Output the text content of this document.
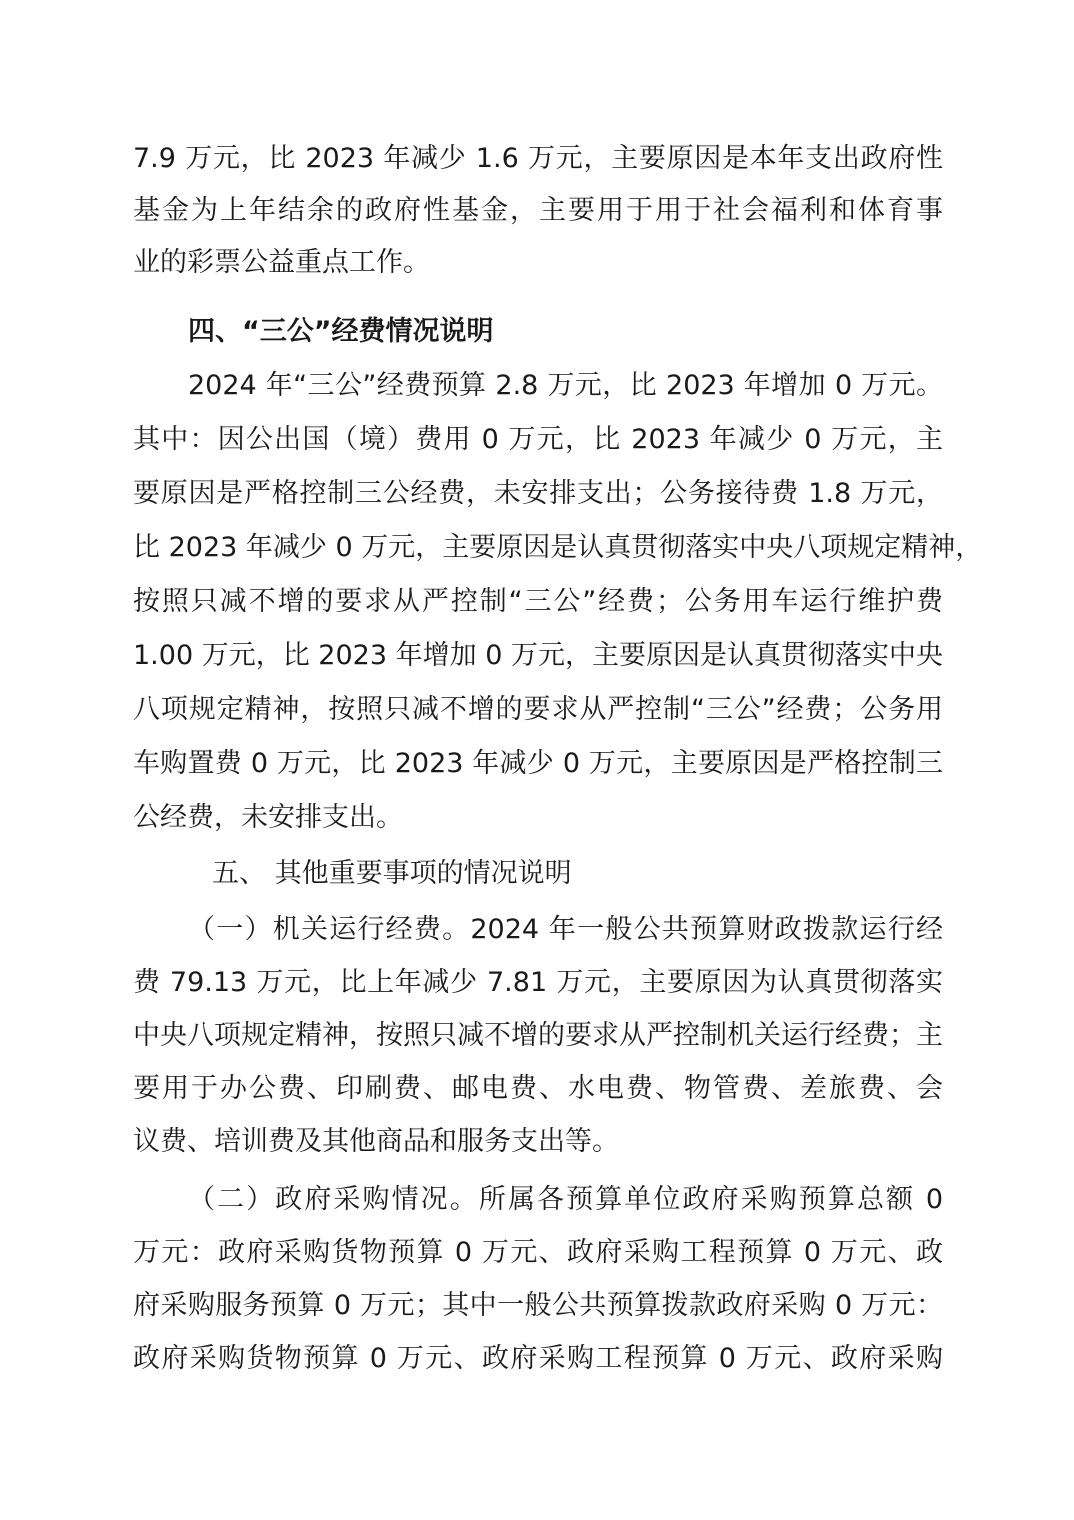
7.9 万元，比 2023 年减少 1.6 万元，主要原因是本年支出政府性
基金为上年结余的政府性基金，主要用于用于社会福利和体育事
业的彩票公益重点工作。
四、“三公”经费情况说明
2024 年“三公”经费预算 2.8 万元，比 2023 年增加 0 万元。
其中：因公出国（境）费用 0 万元，比 2023 年减少 0 万元，主
要原因是严格控制三公经费，未安排支出；公务接待费 1.8 万元，
比 2023 年减少 0 万元，主要原因是认真贯彻落实中央八项规定精神，
按照只减不增的要求从严控制“三公”经费；公务用车运行维护费
1.00 万元，比 2023 年增加 0 万元，主要原因是认真贯彻落实中央
八项规定精神，按照只减不增的要求从严控制“三公”经费；公务用
车购置费 0 万元，比 2023 年减少 0 万元，主要原因是严格控制三
公经费，未安排支出。
五、 其他重要事项的情况说明
（一）机关运行经费。2024 年一般公共预算财政拨款运行经
费 79.13 万元，比上年减少 7.81 万元，主要原因为认真贯彻落实
中央八项规定精神，按照只减不增的要求从严控制机关运行经费；主
要用于办公费、印刷费、邮电费、水电费、物管费、差旅费、会
议费、培训费及其他商品和服务支出等。
（二）政府采购情况。所属各预算单位政府采购预算总额 0
万元：政府采购货物预算 0 万元、政府采购工程预算 0 万元、政
府采购服务预算 0 万元；其中一般公共预算拨款政府采购 0 万元：
政府采购货物预算 0 万元、政府采购工程预算 0 万元、政府采购
